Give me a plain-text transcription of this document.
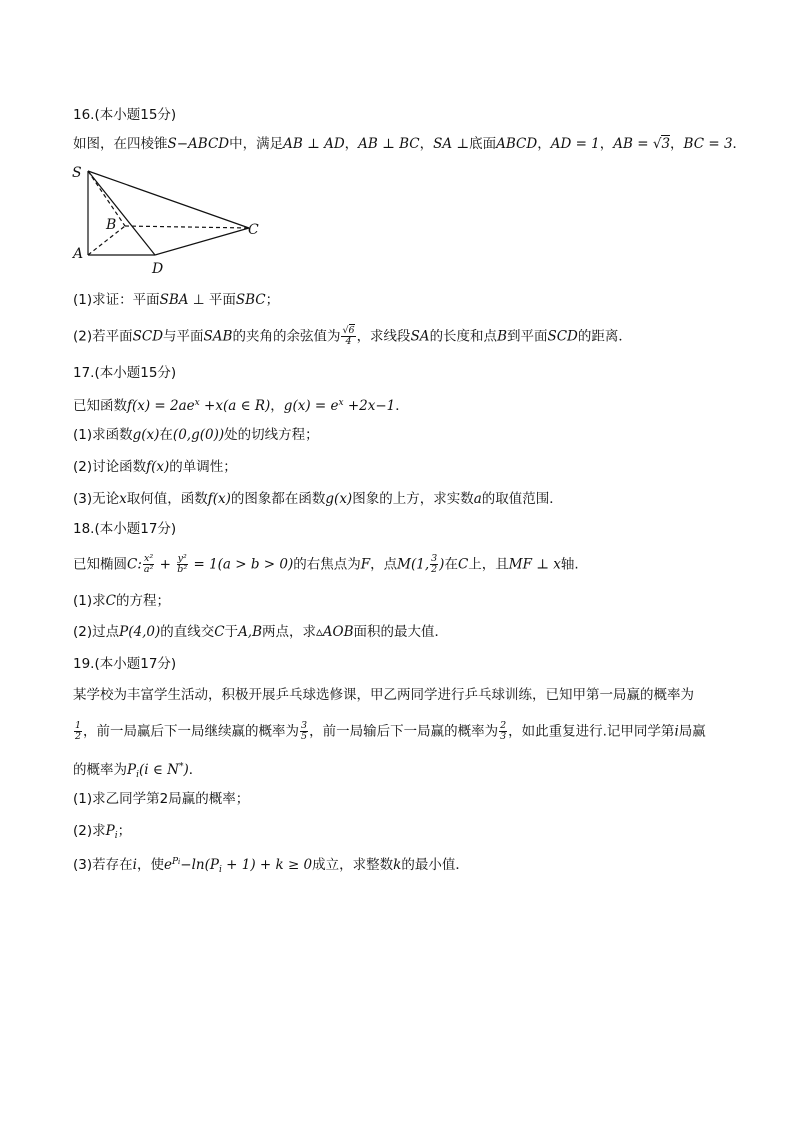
16.(本小题15分)
如图，在四棱锥S−ABCD中，满足AB ⊥ AD，AB ⊥ BC，SA ⊥底面ABCD，AD = 1，AB = √3，BC = 3．
S
B	C
A
D
(1)求证：平面SBA ⊥ 平面SBC；
(2)若平面SCD与平面SAB的夹角的余弦值为 $\frac{√6}{4}$ ，求线段SA的长度和点B到平面SCD的距离．
17.(本小题15分)
已知函数$f(x) = 2ae^x +x(a$ ∈ R)，$g(x) = e^x +2x-1$．
(1)求函数g(x)在(0,g(0))处的切线方程；
(2)讨论函数f(x)的单调性；
(3)无论x取何值，函数f(x)的图象都在函数g(x)图象的上方，求实数a的取值范围．
18.(本小题17分)
已知椭圆C: $\frac{\text{x²}}{\text{a²}} + \frac{\text{y²}}{\text{b²}} = 1(a > b > 0)$的右焦点为F，点M(1, $\frac{3}{2}$ )在C上，且MF ⊥ x轴.
(1)求C的方程；
(2)过点P(4,0)的直线交C于A,B两点，求▵AOB面积的最大值．
19.(本小题17分)
某学校为丰富学生活动，积极开展乒乓球选修课，甲乙两同学进行乒乓球训练，已知甲第一局赢的概率为
$\frac{1}{2}$ ，前一局赢后下一局继续赢的概率为 $\frac{3}{5}$ ，前一局输后下一局赢的概率为 $\frac{2}{3}$ ，如此重复进行.记甲同学第i局赢
的概率为$P_i(i$ ∈ N*)．
(1)求乙同学第2局赢的概率；
(2)求$P_i$；
(3)若存在i，使$e^{Pi}-\ln(P_i + 1) + k \ge 0$成立，求整数k的最小值．
